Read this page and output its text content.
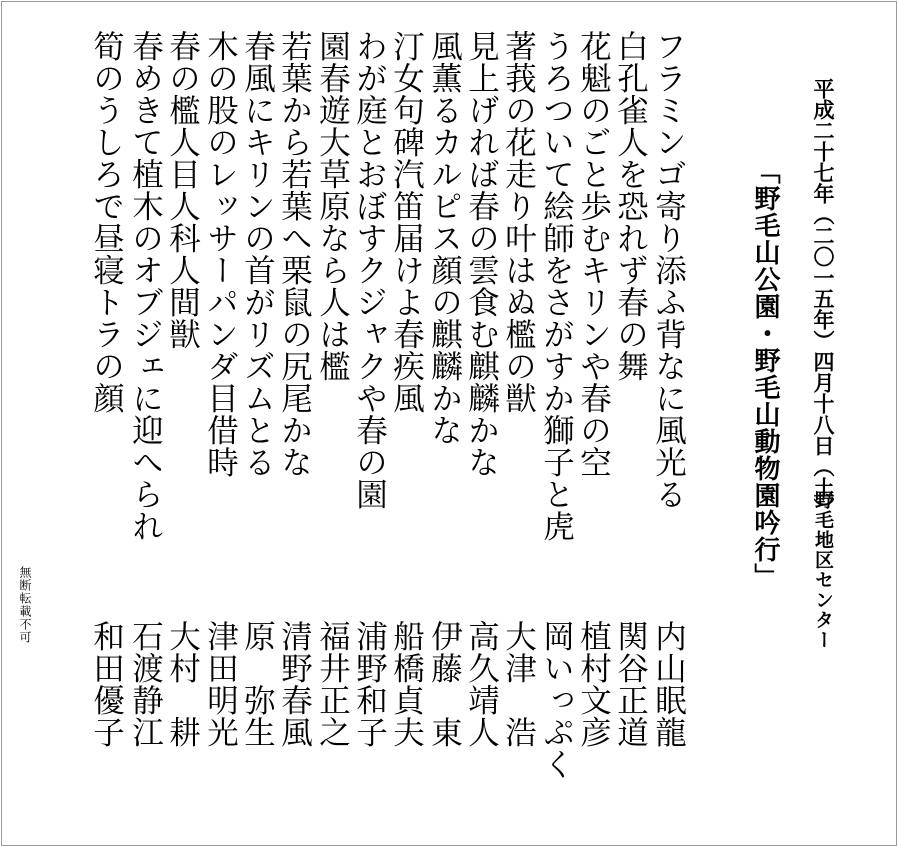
平成二十七年（二〇一五年）四月十八日（土）
野毛地区センター
「野毛山公園・野毛山動物園吟行」
フラミンゴ寄り添ふ背なに風光る
内山眠龍
白孔雀人を恐れず春の舞
関谷正道
花魁のごと歩むキリンや春の空
植村文彦
うろついて絵師をさがすか獅子と虎
岡いっぷく
著莪の花走り叶はぬ檻の獣
大津　浩
見上げれば春の雲食む麒麟かな
高久靖人
風薫るカルピス顔の麒麟かな
伊藤　東
汀女句碑汽笛届けよ春疾風
船橋貞夫
わが庭とおぼすクジャクや春の園
浦野和子
園春遊大草原なら人は檻
福井正之
若葉から若葉へ栗鼠の尻尾かな
清野春風
春風にキリンの首がリズムとる
原　弥生
木の股のレッサーパンダ目借時
津田明光
春の檻人目人科人間獣
大村　耕
春めきて植木のオブジェに迎へられ
石渡静江
筍のうしろで昼寝トラの顔
和田優子
無断転載不可
